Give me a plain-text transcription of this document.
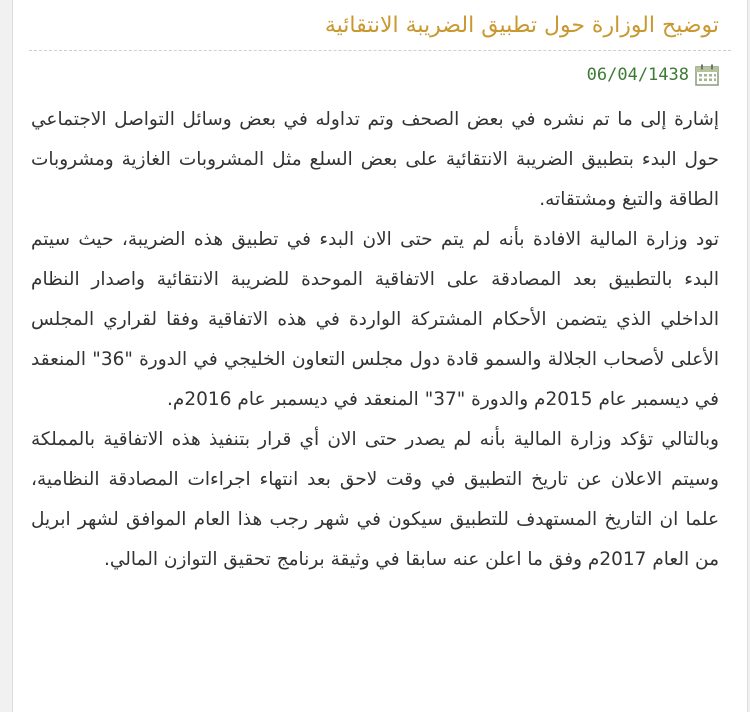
توضيح الوزارة حول تطبيق الضريبة الانتقائية
06/04/1438

إشارة إلى ما تم نشره في بعض الصحف وتم تداوله في بعض وسائل التواصل الاجتماعي حول البدء بتطبيق الضريبة الانتقائية على بعض السلع مثل المشروبات الغازية ومشروبات الطاقة والتبغ ومشتقاته.

تود وزارة المالية الافادة بأنه لم يتم حتى الان البدء في تطبيق هذه الضريبة، حيث سيتم البدء بالتطبيق بعد المصادقة على الاتفاقية الموحدة للضريبة الانتقائية واصدار النظام الداخلي الذي يتضمن الأحكام المشتركة الواردة في هذه الاتفاقية وفقا لقراري المجلس الأعلى لأصحاب الجلالة والسمو قادة دول مجلس التعاون الخليجي في الدورة "36" المنعقد في ديسمبر عام 2015م والدورة "37" المنعقد في ديسمبر عام 2016م.

وبالتالي تؤكد وزارة المالية بأنه لم يصدر حتى الان أي قرار بتنفيذ هذه الاتفاقية بالمملكة وسيتم الاعلان عن تاريخ التطبيق في وقت لاحق بعد انتهاء اجراءات المصادقة النظامية، علما ان التاريخ المستهدف للتطبيق سيكون في شهر رجب هذا العام الموافق لشهر ابريل من العام 2017م وفق ما اعلن عنه سابقا في وثيقة برنامج تحقيق التوازن المالي.
